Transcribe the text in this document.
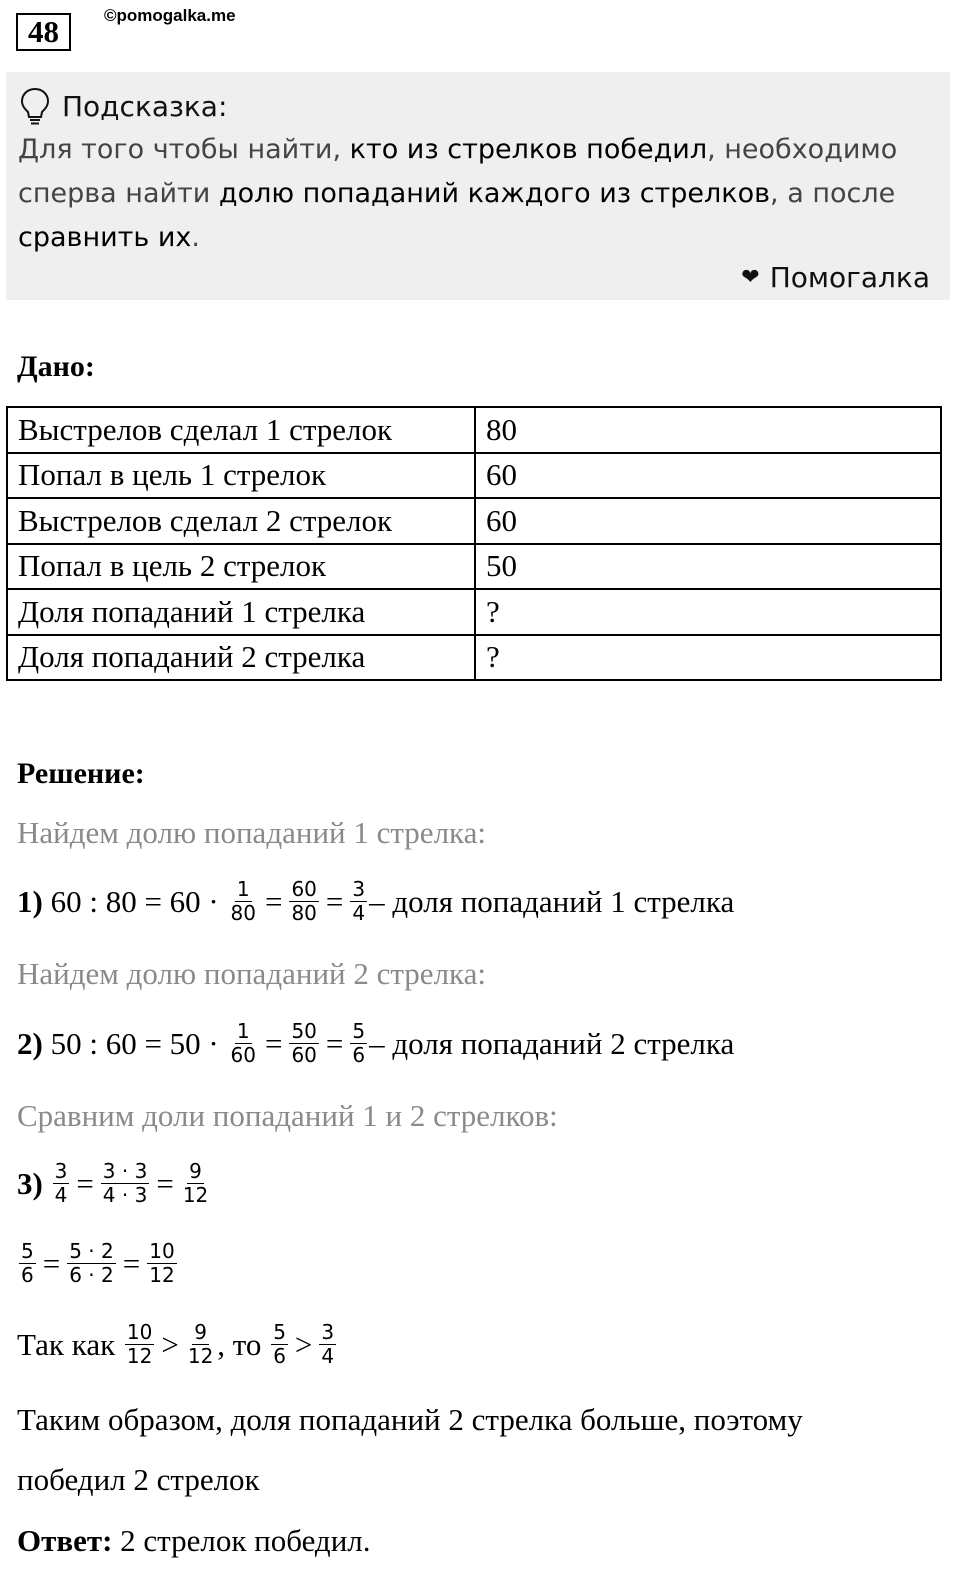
48	©pomogalka.me
Подсказка:
Для того чтобы найти, кто из стрелков победил, необходимо сперва найти долю попаданий каждого из стрелков, а после сравнить их.
❤ Помогалка
Дано:
Выстрелов сделал 1 стрелок	80
Попал в цель 1 стрелок	60
Выстрелов сделал 2 стрелок	60
Попал в цель 2 стрелок	50
Доля попаданий 1 стрелка	?
Доля попаданий 2 стрелка	?
Решение:
Найдем долю попаданий 1 стрелка:
1)
60 : 80 = 60 ·
$\frac{1}{80} = \frac{60}{80} = \frac{3}{4}$ – доля попаданий 1 стрелка
Найдем долю попаданий 2 стрелка:
2)
50 : 60 = 50 ·
$\frac{1}{60} = \frac{50}{60} = \frac{5}{6}$ – доля попаданий 2 стрелка
Сравним доли попаданий 1 и 2 стрелков:
3)
$\frac{3}{4} = \frac{3 \cdot 3}{4 \cdot 3} = \frac{9}{12}$
$\frac{5}{6} = \frac{5 \cdot 2}{6 \cdot 2} = \frac{10}{12}$
Так как
$\frac{10}{12} > \frac{9}{12}$ , то
$\frac{5}{6} > \frac{3}{4}$
Таким образом, доля попаданий 2 стрелка больше, поэтому
победил 2 стрелок
Ответ: 2 стрелок победил.
